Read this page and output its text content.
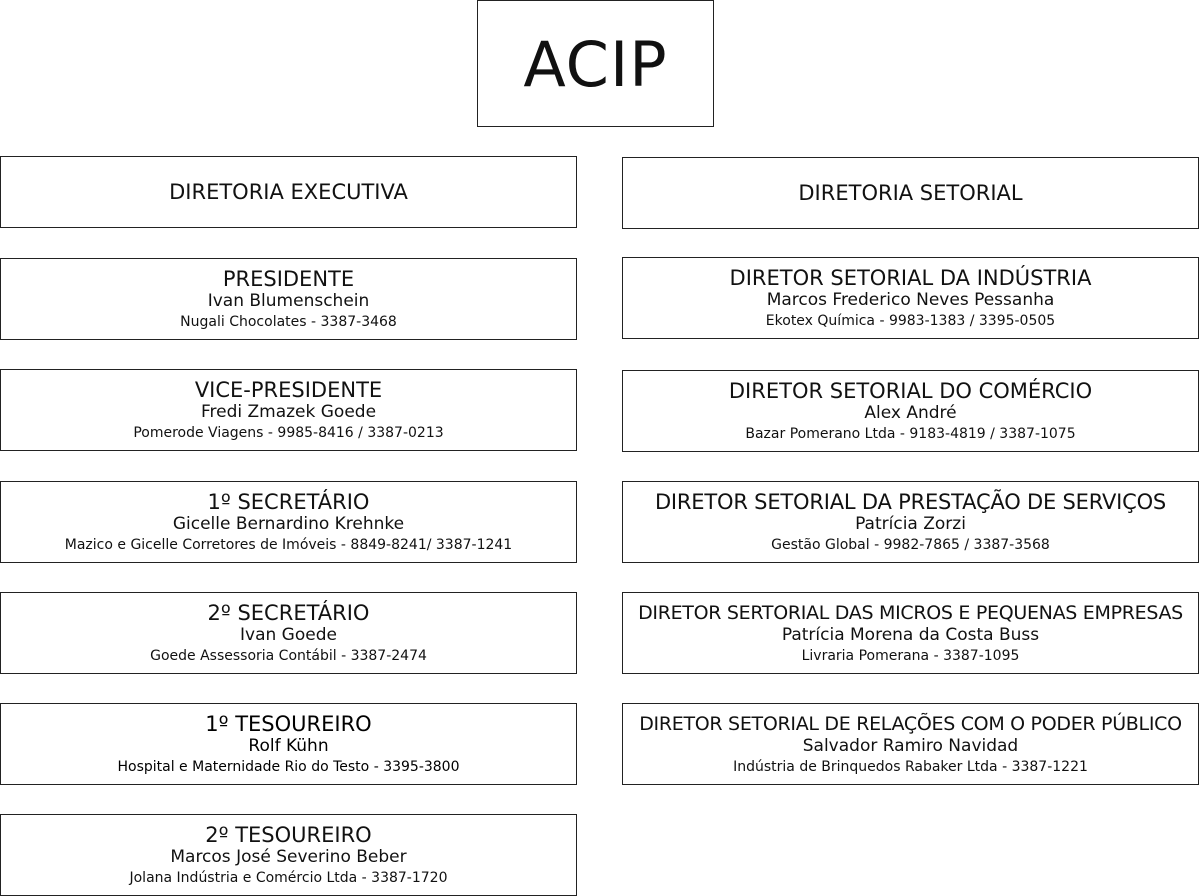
ACIP
DIRETORIA EXECUTIVA	DIRETORIA SETORIAL
PRESIDENTE
Ivan Blumenschein
Nugali Chocolates - 3387-3468
VICE-PRESIDENTE
Fredi Zmazek Goede
Pomerode Viagens - 9985-8416 / 3387-0213
1º SECRETÁRIO
Gicelle Bernardino Krehnke
Mazico e Gicelle Corretores de Imóveis - 8849-8241/ 3387-1241
2º SECRETÁRIO
Ivan Goede
Goede Assessoria Contábil - 3387-2474
1º TESOUREIRO
Rolf Kühn
Hospital e Maternidade Rio do Testo - 3395-3800
2º TESOUREIRO
Marcos José Severino Beber
Jolana Indústria e Comércio Ltda - 3387-1720
DIRETOR SETORIAL DA INDÚSTRIA
Marcos Frederico Neves Pessanha
Ekotex Química - 9983-1383 / 3395-0505
DIRETOR SETORIAL DO COMÉRCIO
Alex André
Bazar Pomerano Ltda - 9183-4819 / 3387-1075
DIRETOR SETORIAL DA PRESTAÇÃO DE SERVIÇOS
Patrícia Zorzi
Gestão Global - 9982-7865 / 3387-3568
DIRETOR SERTORIAL DAS MICROS E PEQUENAS EMPRESAS
Patrícia Morena da Costa Buss
Livraria Pomerana - 3387-1095
DIRETOR SETORIAL DE RELAÇÕES COM O PODER PÚBLICO
Salvador Ramiro Navidad
Indústria de Brinquedos Rabaker Ltda - 3387-1221
